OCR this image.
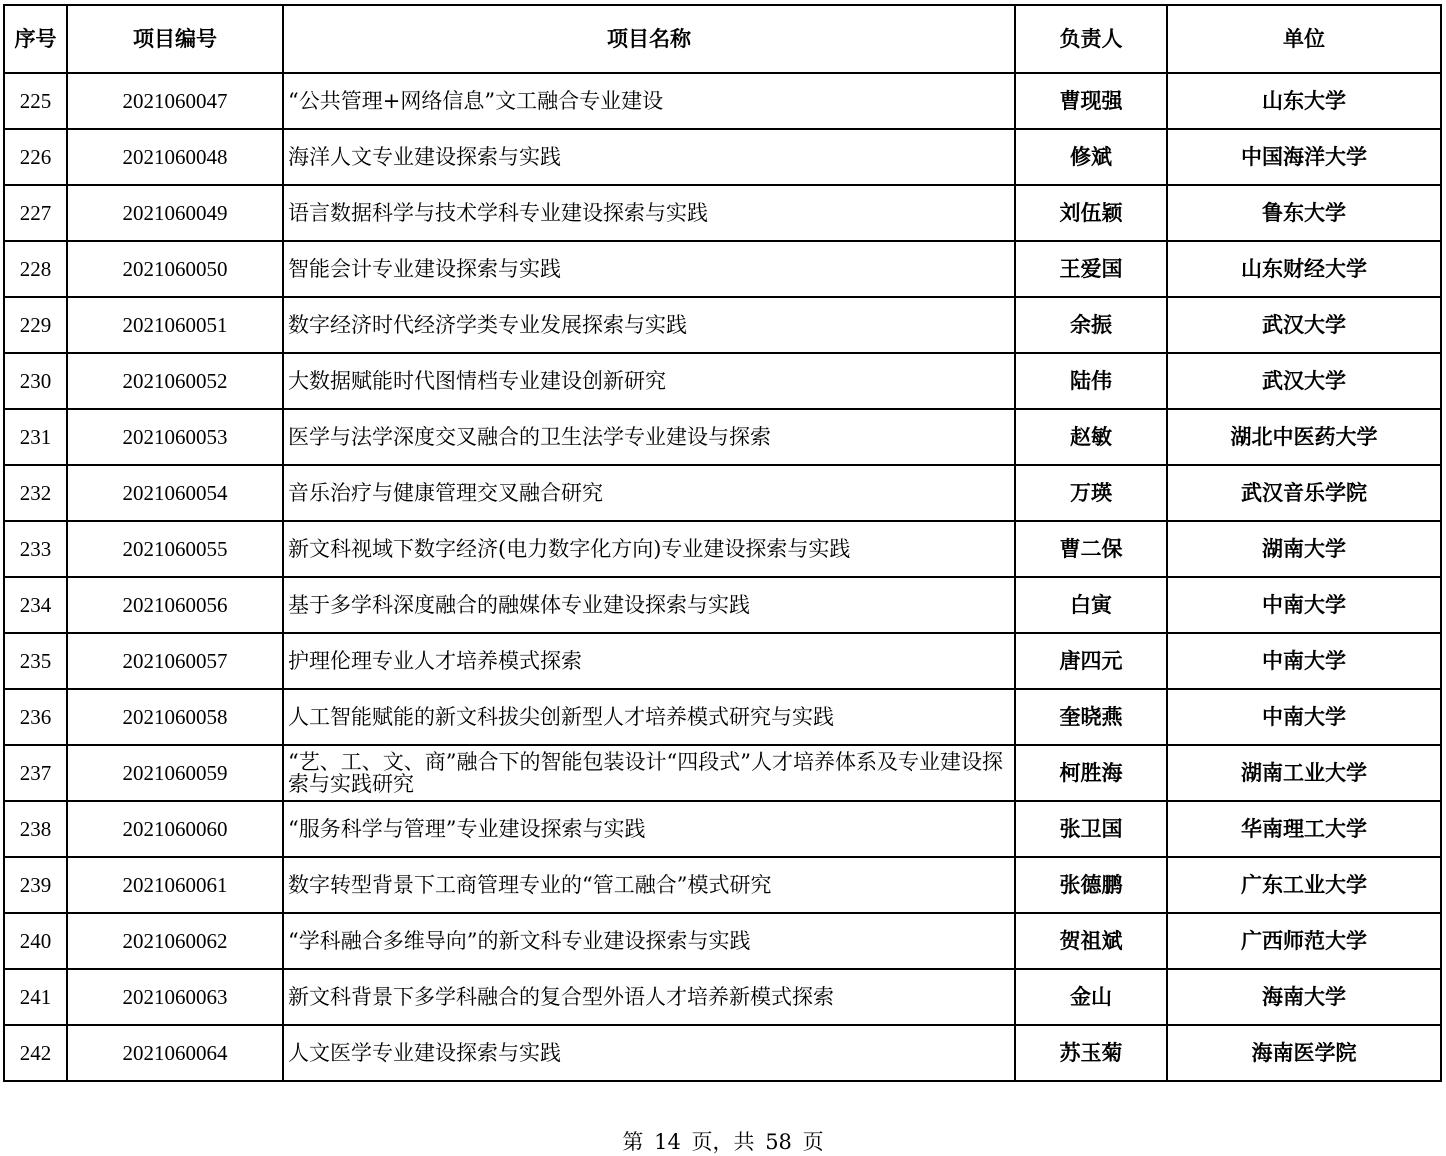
序号	项目编号	项目名称	负责人	单位
225	2021060047	“公共管理+网络信息”文工融合专业建设	曹现强	山东大学
226	2021060048	海洋人文专业建设探索与实践	修斌	中国海洋大学
227	2021060049	语言数据科学与技术学科专业建设探索与实践	刘伍颖	鲁东大学
228	2021060050	智能会计专业建设探索与实践	王爱国	山东财经大学
229	2021060051	数字经济时代经济学类专业发展探索与实践	余振	武汉大学
230	2021060052	大数据赋能时代图情档专业建设创新研究	陆伟	武汉大学
231	2021060053	医学与法学深度交叉融合的卫生法学专业建设与探索	赵敏	湖北中医药大学
232	2021060054	音乐治疗与健康管理交叉融合研究	万瑛	武汉音乐学院
233	2021060055	新文科视域下数字经济(电力数字化方向)专业建设探索与实践	曹二保	湖南大学
234	2021060056	基于多学科深度融合的融媒体专业建设探索与实践	白寅	中南大学
235	2021060057	护理伦理专业人才培养模式探索	唐四元	中南大学
236	2021060058	人工智能赋能的新文科拔尖创新型人才培养模式研究与实践	奎晓燕	中南大学
237	2021060059	“艺、工、文、商”融合下的智能包装设计“四段式”人才培养体系及专业建设探索与实践研究	柯胜海	湖南工业大学
238	2021060060	“服务科学与管理”专业建设探索与实践	张卫国	华南理工大学
239	2021060061	数字转型背景下工商管理专业的“管工融合”模式研究	张德鹏	广东工业大学
240	2021060062	“学科融合多维导向”的新文科专业建设探索与实践	贺祖斌	广西师范大学
241	2021060063	新文科背景下多学科融合的复合型外语人才培养新模式探索	金山	海南大学
242	2021060064	人文医学专业建设探索与实践	苏玉菊	海南医学院
第 14 页，共 58 页
